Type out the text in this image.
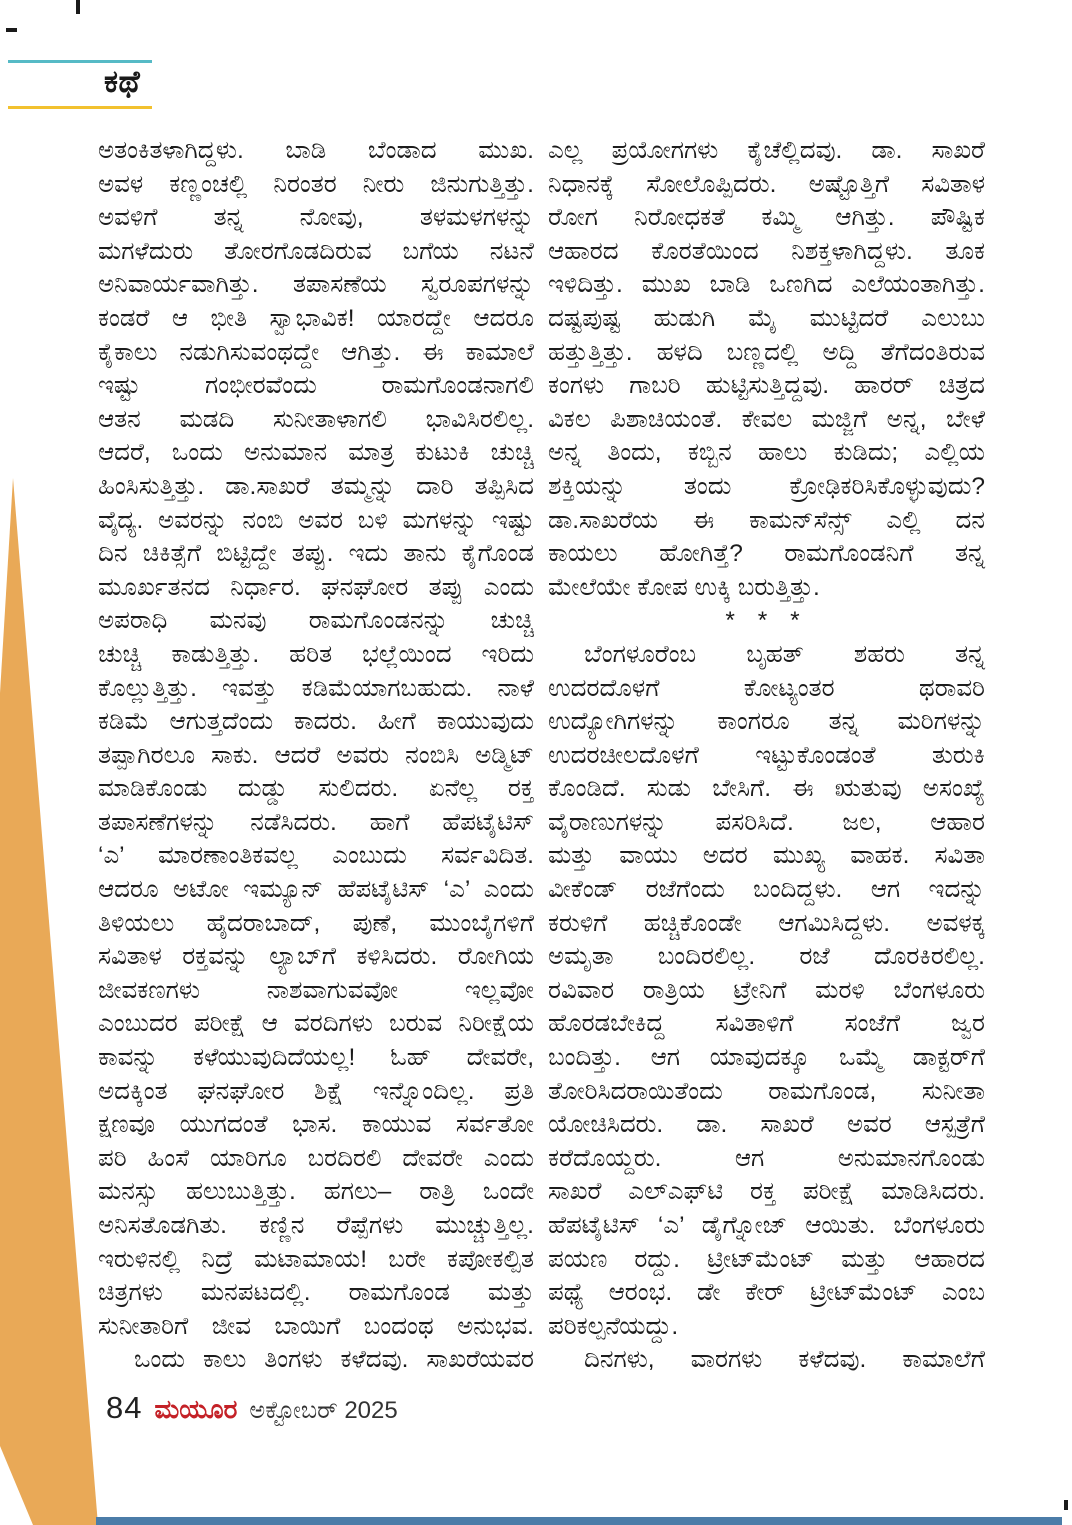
ಕಥೆ
ಅತಂಕಿತಳಾಗಿದ್ದಳು. ಬಾಡಿ ಬೆಂಡಾದ ಮುಖ.
ಅವಳ ಕಣ್ಣಂಚಲ್ಲಿ ನಿರಂತರ ನೀರು ಜಿನುಗುತ್ತಿತ್ತು.
ಅವಳಿಗೆ ತನ್ನ ನೋವು, ತಳಮಳಗಳನ್ನು
ಮಗಳೆದುರು ತೋರಗೊಡದಿರುವ ಬಗೆಯ ನಟನೆ
ಅನಿವಾರ್ಯವಾಗಿತ್ತು. ತಪಾಸಣೆಯ ಸ್ವರೂಪಗಳನ್ನು
ಕಂಡರೆ ಆ ಭೀತಿ ಸ್ವಾಭಾವಿಕ! ಯಾರದ್ದೇ ಆದರೂ
ಕೈಕಾಲು ನಡುಗಿಸುವಂಥದ್ದೇ ಆಗಿತ್ತು. ಈ ಕಾಮಾಲೆ
ಇಷ್ಟು ಗಂಭೀರವೆಂದು ರಾಮಗೊಂಡನಾಗಲಿ
ಆತನ ಮಡದಿ ಸುನೀತಾಳಾಗಲಿ ಭಾವಿಸಿರಲಿಲ್ಲ.
ಆದರೆ, ಒಂದು ಅನುಮಾನ ಮಾತ್ರ ಕುಟುಕಿ ಚುಚ್ಚಿ
ಹಿಂಸಿಸುತ್ತಿತ್ತು. ಡಾ.ಸಾಖರೆ ತಮ್ಮನ್ನು ದಾರಿ ತಪ್ಪಿಸಿದ
ವೈದ್ಯ. ಅವರನ್ನು ನಂಬಿ ಅವರ ಬಳಿ ಮಗಳನ್ನು ಇಷ್ಟು
ದಿನ ಚಿಕಿತ್ಸೆಗೆ ಬಿಟ್ಟಿದ್ದೇ ತಪ್ಪು. ಇದು ತಾನು ಕೈಗೊಂಡ
ಮೂರ್ಖತನದ ನಿರ್ಧಾರ. ಘನಘೋರ ತಪ್ಪು ಎಂದು
ಅಪರಾಧಿ ಮನವು ರಾಮಗೊಂಡನನ್ನು ಚುಚ್ಚಿ
ಚುಚ್ಚಿ ಕಾಡುತ್ತಿತ್ತು. ಹರಿತ ಭಲ್ಲೆಯಿಂದ ಇರಿದು
ಕೊಲ್ಲುತ್ತಿತ್ತು. ಇವತ್ತು ಕಡಿಮೆಯಾಗಬಹುದು. ನಾಳೆ
ಕಡಿಮೆ ಆಗುತ್ತದೆಂದು ಕಾದರು. ಹೀಗೆ ಕಾಯುವುದು
ತಪ್ಪಾಗಿರಲೂ ಸಾಕು. ಆದರೆ ಅವರು ನಂಬಿಸಿ ಅಡ್ಮಿಟ್
ಮಾಡಿಕೊಂಡು ದುಡ್ಡು ಸುಲಿದರು. ಏನೆಲ್ಲ ರಕ್ತ
ತಪಾಸಣೆಗಳನ್ನು ನಡೆಸಿದರು. ಹಾಗೆ ಹೆಪಟೈಟಿಸ್
‘ಎ’ ಮಾರಣಾಂತಿಕವಲ್ಲ ಎಂಬುದು ಸರ್ವವಿದಿತ.
ಆದರೂ ಅಟೋ ಇಮ್ಯೂನ್ ಹೆಪಟೈಟಿಸ್ ‘ಎ’ ಎಂದು
ತಿಳಿಯಲು ಹೈದರಾಬಾದ್, ಪುಣೆ, ಮುಂಬೈಗಳಿಗೆ
ಸವಿತಾಳ ರಕ್ತವನ್ನು ಲ್ಯಾಬ್‌ಗೆ ಕಳಿಸಿದರು. ರೋಗಿಯ
ಜೀವಕಣಗಳು ನಾಶವಾಗುವವೋ ಇಲ್ಲವೋ
ಎಂಬುದರ ಪರೀಕ್ಷೆ ಆ ವರದಿಗಳು ಬರುವ ನಿರೀಕ್ಷೆಯ
ಕಾವನ್ನು ಕಳೆಯುವುದಿದೆಯಲ್ಲ! ಓಹ್ ದೇವರೇ,
ಅದಕ್ಕಿಂತ ಘನಘೋರ ಶಿಕ್ಷೆ ಇನ್ನೊಂದಿಲ್ಲ. ಪ್ರತಿ
ಕ್ಷಣವೂ ಯುಗದಂತೆ ಭಾಸ. ಕಾಯುವ ಸರ್ವತೋ
ಪರಿ ಹಿಂಸೆ ಯಾರಿಗೂ ಬರದಿರಲಿ ದೇವರೇ ಎಂದು
ಮನಸ್ಸು ಹಲುಬುತ್ತಿತ್ತು. ಹಗಲು– ರಾತ್ರಿ ಒಂದೇ
ಅನಿಸತೊಡಗಿತು. ಕಣ್ಣಿನ ರೆಪ್ಪೆಗಳು ಮುಚ್ಚುತ್ತಿಲ್ಲ.
ಇರುಳಿನಲ್ಲಿ ನಿದ್ರೆ ಮಟಾಮಾಯ! ಬರೇ ಕಪೋಕಲ್ಪಿತ
ಚಿತ್ರಗಳು ಮನಪಟದಲ್ಲಿ. ರಾಮಗೊಂಡ ಮತ್ತು
ಸುನೀತಾರಿಗೆ ಜೀವ ಬಾಯಿಗೆ ಬಂದಂಥ ಅನುಭವ.
ಒಂದು ಕಾಲು ತಿಂಗಳು ಕಳೆದವು. ಸಾಖರೆಯವರ
ಎಲ್ಲ ಪ್ರಯೋಗಗಳು ಕೈಚೆಲ್ಲಿದವು. ಡಾ. ಸಾಖರೆ
ನಿಧಾನಕ್ಕೆ ಸೋಲೊಪ್ಪಿದರು. ಅಷ್ಟೊತ್ತಿಗೆ ಸವಿತಾಳ
ರೋಗ ನಿರೋಧಕತೆ ಕಮ್ಮಿ ಆಗಿತ್ತು. ಪೌಷ್ಟಿಕ
ಆಹಾರದ ಕೊರತೆಯಿಂದ ನಿಶಕ್ತಳಾಗಿದ್ದಳು. ತೂಕ
ಇಳಿದಿತ್ತು. ಮುಖ ಬಾಡಿ ಒಣಗಿದ ಎಲೆಯಂತಾಗಿತ್ತು.
ದಷ್ಟಪುಷ್ಟ ಹುಡುಗಿ ಮೈ ಮುಟ್ಟಿದರೆ ಎಲುಬು
ಹತ್ತುತ್ತಿತ್ತು. ಹಳದಿ ಬಣ್ಣದಲ್ಲಿ ಅದ್ದಿ ತೆಗೆದಂತಿರುವ
ಕಂಗಳು ಗಾಬರಿ ಹುಟ್ಟಿಸುತ್ತಿದ್ದವು. ಹಾರರ್ ಚಿತ್ರದ
ವಿಕಲ ಪಿಶಾಚಿಯಂತೆ. ಕೇವಲ ಮಜ್ಜಿಗೆ ಅನ್ನ, ಬೇಳೆ
ಅನ್ನ ತಿಂದು, ಕಬ್ಬಿನ ಹಾಲು ಕುಡಿದು; ಎಲ್ಲಿಯ
ಶಕ್ತಿಯನ್ನು ತಂದು ಕ್ರೋಢಿಕರಿಸಿಕೊಳ್ಳುವುದು?
ಡಾ.ಸಾಖರೆಯ ಈ ಕಾಮನ್‌ಸೆನ್ಸ್ ಎಲ್ಲಿ ದನ
ಕಾಯಲು ಹೋಗಿತ್ತೆ? ರಾಮಗೊಂಡನಿಗೆ ತನ್ನ
ಮೇಲೆಯೇ ಕೋಪ ಉಕ್ಕಿ ಬರುತ್ತಿತ್ತು.
* * *
ಬೆಂಗಳೂರೆಂಬ ಬೃಹತ್ ಶಹರು ತನ್ನ
ಉದರದೊಳಗೆ ಕೋಟ್ಯಂತರ ಥರಾವರಿ
ಉದ್ಯೋಗಿಗಳನ್ನು ಕಾಂಗರೂ ತನ್ನ ಮರಿಗಳನ್ನು
ಉದರಚೀಲದೊಳಗೆ ಇಟ್ಟುಕೊಂಡಂತೆ ತುರುಕಿ
ಕೊಂಡಿದೆ. ಸುಡು ಬೇಸಿಗೆ. ಈ ಋತುವು ಅಸಂಖ್ಯೆ
ವೈರಾಣುಗಳನ್ನು ಪಸರಿಸಿದೆ. ಜಲ, ಆಹಾರ
ಮತ್ತು ವಾಯು ಅದರ ಮುಖ್ಯ ವಾಹಕ. ಸವಿತಾ
ವೀಕೆಂಡ್ ರಜೆಗೆಂದು ಬಂದಿದ್ದಳು. ಆಗ ಇದನ್ನು
ಕರುಳಿಗೆ ಹಚ್ಚಿಕೊಂಡೇ ಆಗಮಿಸಿದ್ದಳು. ಅವಳಕ್ಕ
ಅಮೃತಾ ಬಂದಿರಲಿಲ್ಲ. ರಜೆ ದೊರಕಿರಲಿಲ್ಲ.
ರವಿವಾರ ರಾತ್ರಿಯ ಟ್ರೇನಿಗೆ ಮರಳಿ ಬೆಂಗಳೂರು
ಹೊರಡಬೇಕಿದ್ದ ಸವಿತಾಳಿಗೆ ಸಂಜೆಗೆ ಜ್ವರ
ಬಂದಿತ್ತು. ಆಗ ಯಾವುದಕ್ಕೂ ಒಮ್ಮೆ ಡಾಕ್ಟರ್‌ಗೆ
ತೋರಿಸಿದರಾಯಿತೆಂದು ರಾಮಗೊಂಡ, ಸುನೀತಾ
ಯೋಚಿಸಿದರು. ಡಾ. ಸಾಖರೆ ಅವರ ಆಸ್ಪತ್ರೆಗೆ
ಕರೆದೊಯ್ದರು. ಆಗ ಅನುಮಾನಗೊಂಡು
ಸಾಖರೆ ಎಲ್‌ಎಫ್‌ಟಿ ರಕ್ತ ಪರೀಕ್ಷೆ ಮಾಡಿಸಿದರು.
ಹೆಪಟೈಟಿಸ್ ‘ಎ’ ಡೈಗ್ನೋಜ್ ಆಯಿತು. ಬೆಂಗಳೂರು
ಪಯಣ ರದ್ದು. ಟ್ರೀಟ್‌ಮೆಂಟ್ ಮತ್ತು ಆಹಾರದ
ಪಥ್ಯೆ ಆರಂಭ. ಡೇ ಕೇರ್ ಟ್ರೀಟ್‌ಮೆಂಟ್ ಎಂಬ
ಪರಿಕಲ್ಪನೆಯದ್ದು.
ದಿನಗಳು, ವಾರಗಳು ಕಳೆದವು. ಕಾಮಾಲೆಗೆ
84 ಮಯೂರ ಅಕ್ಟೋಬರ್ 2025
